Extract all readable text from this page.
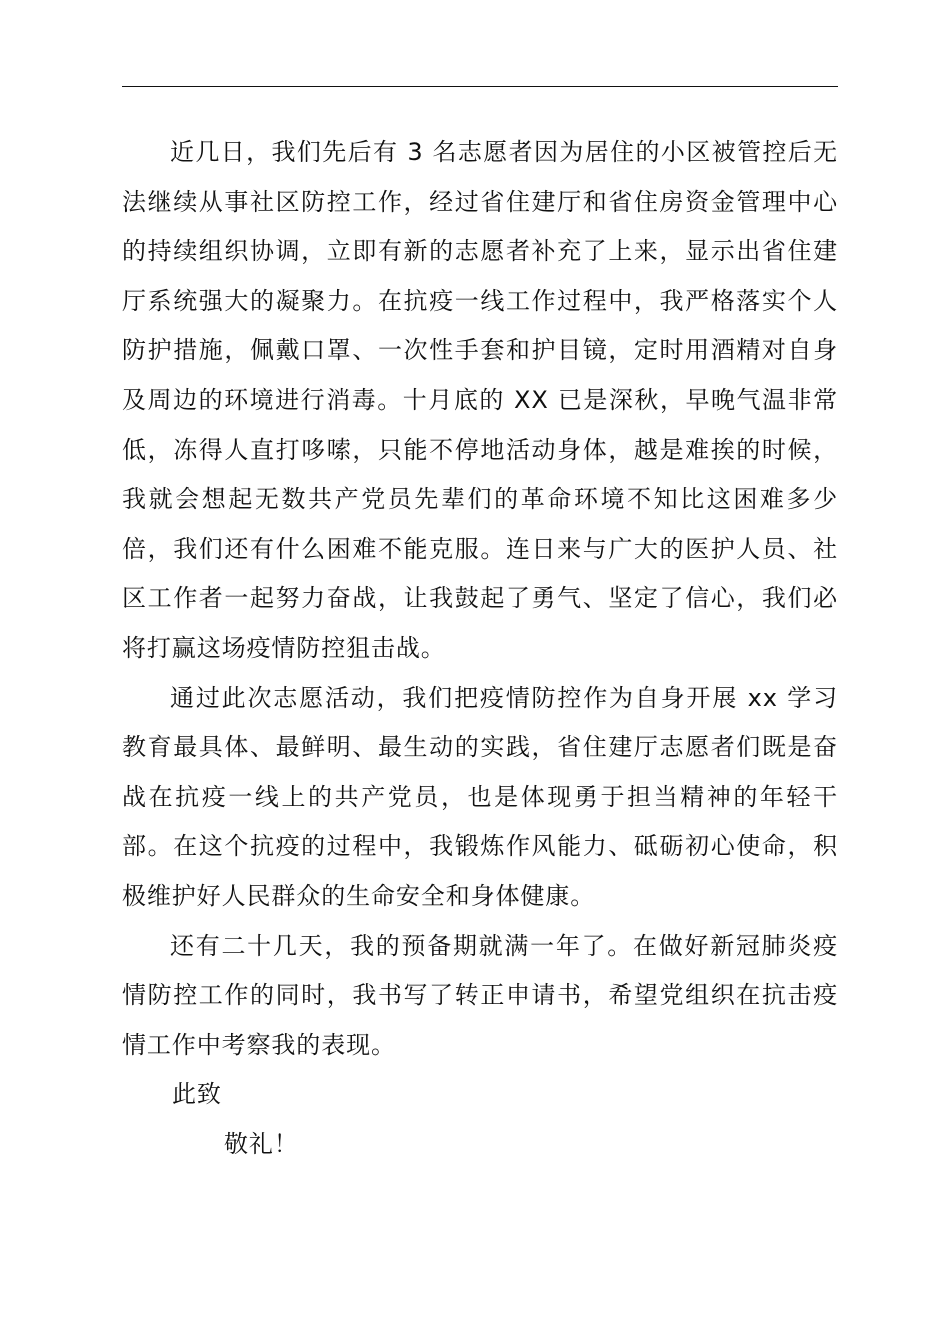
近几日，我们先后有 3 名志愿者因为居住的小区被管控后无法继续从事社区防控工作，经过省住建厅和省住房资金管理中心的持续组织协调，立即有新的志愿者补充了上来，显示出省住建厅系统强大的凝聚力。在抗疫一线工作过程中，我严格落实个人防护措施，佩戴口罩、一次性手套和护目镜，定时用酒精对自身及周边的环境进行消毒。十月底的 XX 已是深秋，早晚气温非常低，冻得人直打哆嗦，只能不停地活动身体，越是难挨的时候，我就会想起无数共产党员先辈们的革命环境不知比这困难多少倍，我们还有什么困难不能克服。连日来与广大的医护人员、社区工作者一起努力奋战，让我鼓起了勇气、坚定了信心，我们必将打赢这场疫情防控狙击战。

通过此次志愿活动，我们把疫情防控作为自身开展 xx 学习教育最具体、最鲜明、最生动的实践，省住建厅志愿者们既是奋战在抗疫一线上的共产党员，也是体现勇于担当精神的年轻干部。在这个抗疫的过程中，我锻炼作风能力、砥砺初心使命，积极维护好人民群众的生命安全和身体健康。

还有二十几天，我的预备期就满一年了。在做好新冠肺炎疫情防控工作的同时，我书写了转正申请书，希望党组织在抗击疫情工作中考察我的表现。

此致

敬礼！
